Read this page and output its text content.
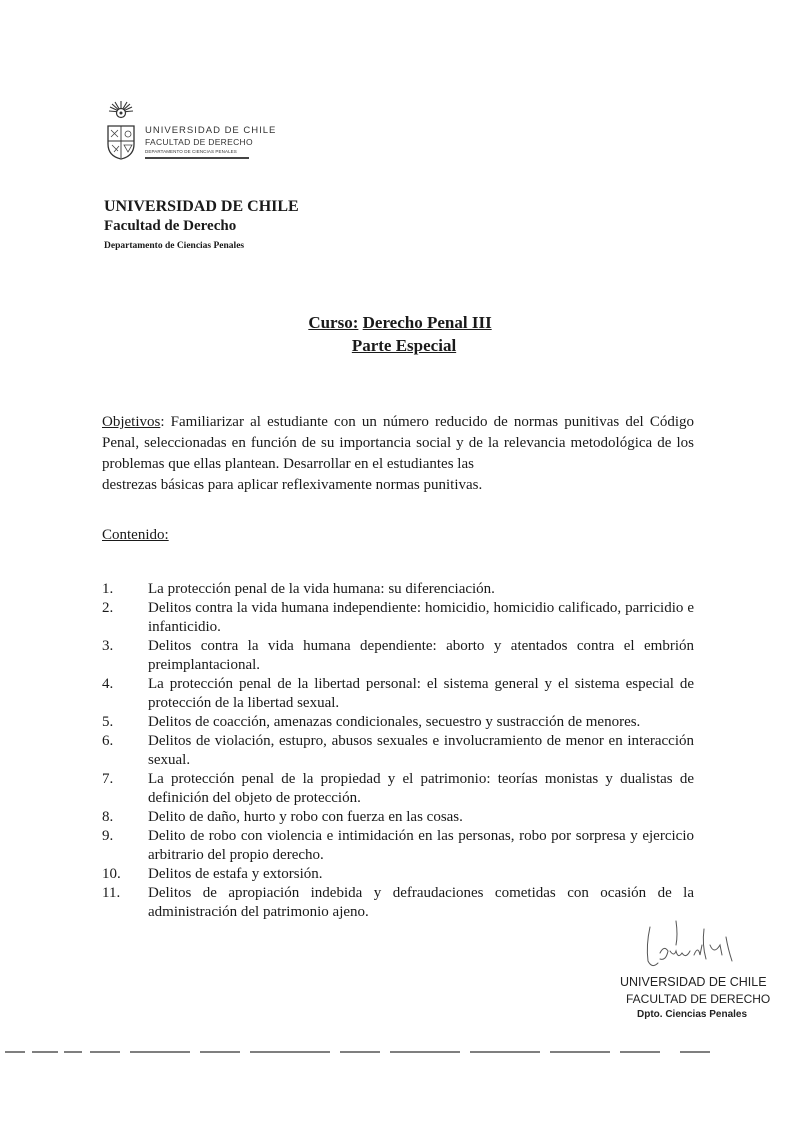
UNIVERSIDAD DE CHILE
FACULTAD DE DERECHO
DEPARTAMENTO DE CIENCIAS PENALES
UNIVERSIDAD DE CHILE
Facultad de Derecho
Departamento de Ciencias Penales
Curso: Derecho Penal III
Parte Especial
Objetivos: Familiarizar al estudiante con un número reducido de normas punitivas del Código Penal, seleccionadas en función de su importancia social y de la relevancia metodológica de los problemas que ellas plantean. Desarrollar en el estudiantes las
destrezas básicas para aplicar reflexivamente normas punitivas.
Contenido:
1. La protección penal de la vida humana: su diferenciación.
2. Delitos contra la vida humana independiente: homicidio, homicidio calificado, parricidio e infanticidio.
3. Delitos contra la vida humana dependiente: aborto y atentados contra el embrión preimplantacional.
4. La protección penal de la libertad personal: el sistema general y el sistema especial de protección de la libertad sexual.
5. Delitos de coacción, amenazas condicionales, secuestro y sustracción de menores.
6. Delitos de violación, estupro, abusos sexuales e involucramiento de menor en interacción sexual.
7. La protección penal de la propiedad y el patrimonio: teorías monistas y dualistas de definición del objeto de protección.
8. Delito de daño, hurto y robo con fuerza en las cosas.
9. Delito de robo con violencia e intimidación en las personas, robo por sorpresa y ejercicio arbitrario del propio derecho.
10. Delitos de estafa y extorsión.
11. Delitos de apropiación indebida y defraudaciones cometidas con ocasión de la administración del patrimonio ajeno.
UNIVERSIDAD DE CHILE
FACULTAD DE DERECHO
Dpto. Ciencias Penales
